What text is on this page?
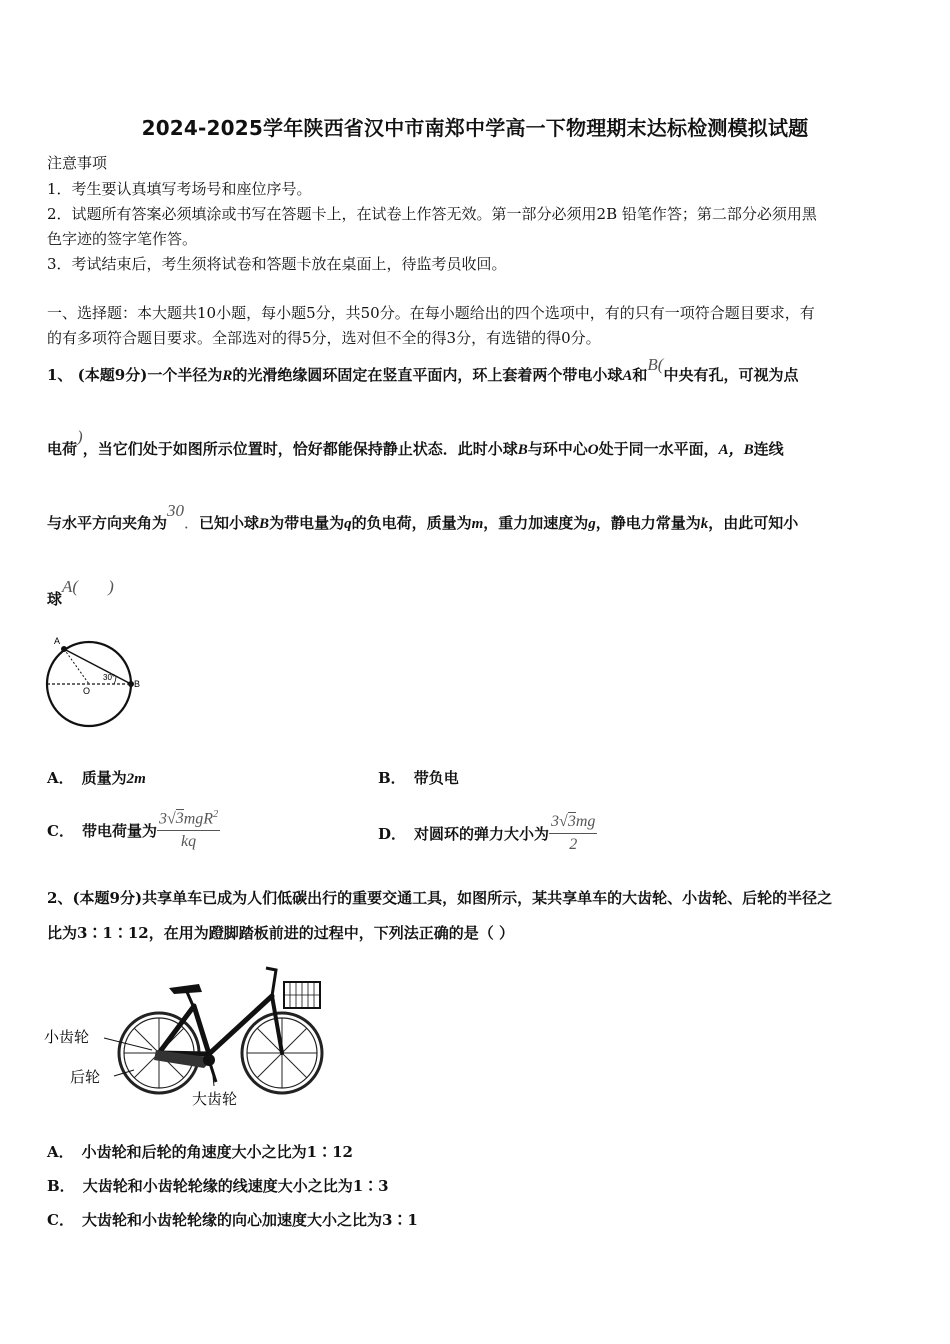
2024-2025学年陕西省汉中市南郑中学高一下物理期末达标检测模拟试题
注意事项
1．考生要认真填写考场号和座位序号。
2．试题所有答案必须填涂或书写在答题卡上，在试卷上作答无效。第一部分必须用2B 铅笔作答；第二部分必须用黑
色字迹的签字笔作答。
3．考试结束后，考生须将试卷和答题卡放在桌面上，待监考员收回。
一、选择题：本大题共10小题，每小题5分，共50分。在每小题给出的四个选项中，有的只有一项符合题目要求，有
的有多项符合题目要求。全部选对的得5分，选对但不全的得3分，有选错的得0分。
1、 (本题9分)一个半径为R的光滑绝缘圆环固定在竖直平面内，环上套着两个带电小球A和B(中央有孔，可视为点
电荷)，当它们处于如图所示位置时，恰好都能保持静止状态．此时小球B与环中心O处于同一水平面，A，B连线
与水平方向夹角为30．已知小球B为带电量为q的负电荷，质量为m，重力加速度为g，静电力常量为k，由此可知小
球A( )
A
O
B
30°
A． 质量为2m	B． 带负电
C． 带电荷量为 $\frac{3√3mgR^2}{kq}$	D． 对圆环的弹力大小为 $\frac{3√3mg}{2}$
2、(本题9分)共享单车已成为人们低碳出行的重要交通工具，如图所示，某共享单车的大齿轮、小齿轮、后轮的半径之
比为3∶1∶12，在用为蹬脚踏板前进的过程中，下列法正确的是（ ）
小齿轮
后轮
大齿轮
A． 小齿轮和后轮的角速度大小之比为1∶12
B． 大齿轮和小齿轮轮缘的线速度大小之比为1∶3
C． 大齿轮和小齿轮轮缘的向心加速度大小之比为3∶1
